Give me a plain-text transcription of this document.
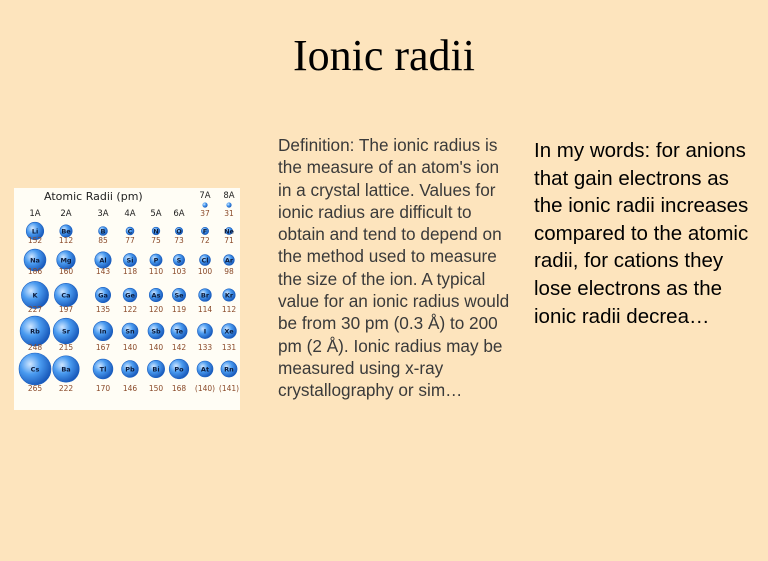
Ionic radii
Atomic Radii (pm)	7A 8A
37 31
1A 2A	3A 4A 5A 6A
Li
152
Be
112
B
85
C
77
N
75
O
73
F
72
Ne
71
Na
186
Mg
160
Al
143
Si
118
P
110
S
103
Cl
100
Ar
98
K
227
Ca
197
Ga
135
Ge
122
As
120
Se
119
Br
114
Kr
112
Rb
248
Sr
215
In
167
Sn
140
Sb
140
Te
142
I
133
Xe
131
Cs
265
Ba
222
Tl
170
Pb
146
Bi
150
Po
168
At
(140)
Rn
(141)
Definition: The ionic radius is the measure of an atom's ion in a crystal lattice. Values for ionic radius are difficult to obtain and tend to depend on the method used to measure the size of the ion. A typical value for an ionic radius would be from 30 pm (0.3 Å) to 200 pm (2 Å). Ionic radius may be measured using x-ray crystallography or sim…
In my words: for anions that gain electrons as the ionic radii increases compared to the atomic radii, for cations they lose electrons as the ionic radii decrea…
